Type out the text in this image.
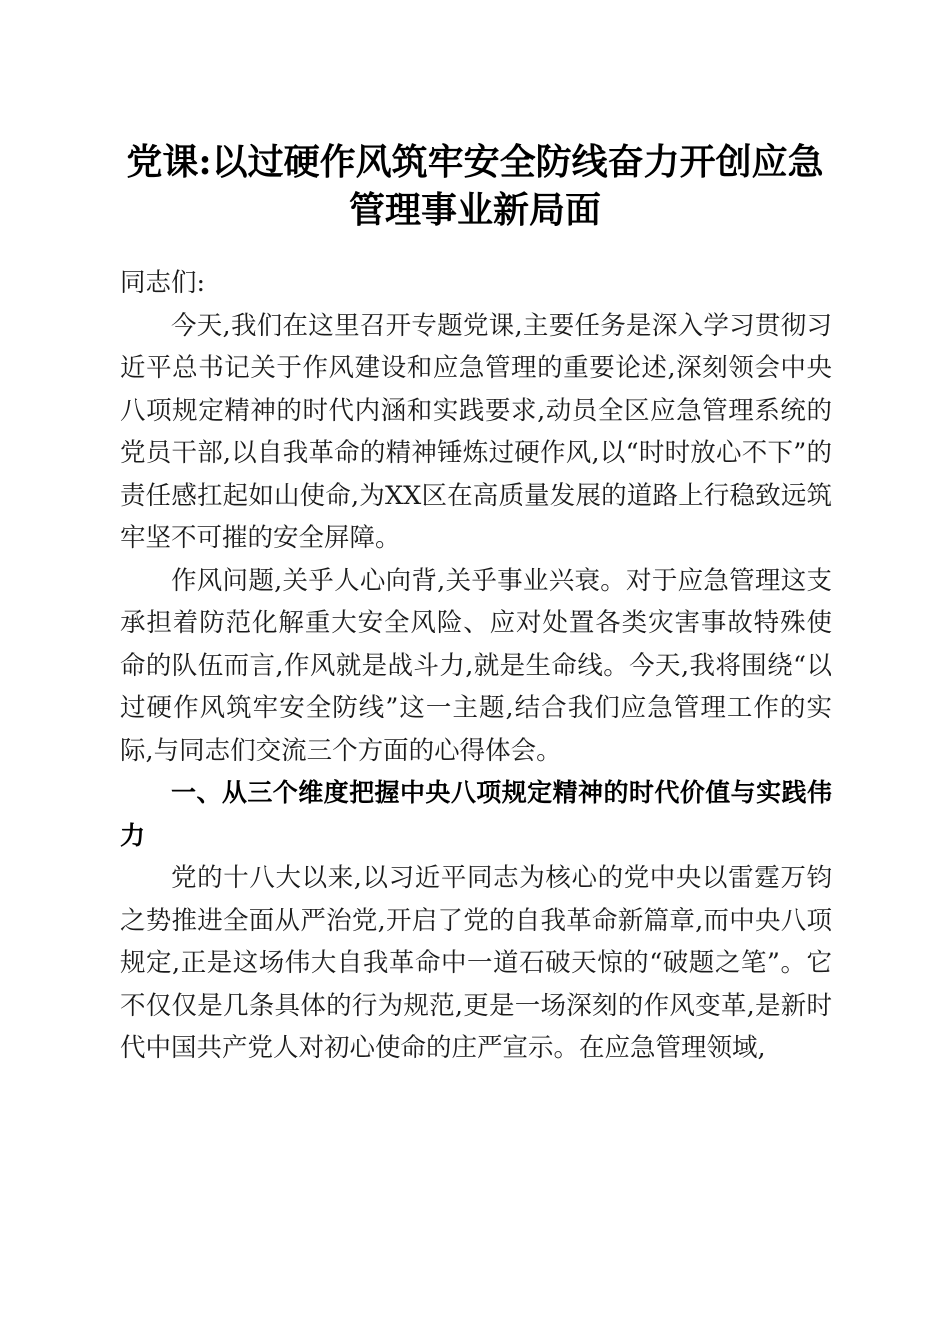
党课:以过硬作风筑牢安全防线奋力开创应急
管理事业新局面

同志们:

今天,我们在这里召开专题党课,主要任务是深入学习贯彻习近平总书记关于作风建设和应急管理的重要论述,深刻领会中央八项规定精神的时代内涵和实践要求,动员全区应急管理系统的党员干部,以自我革命的精神锤炼过硬作风,以“时时放心不下”的责任感扛起如山使命,为XX区在高质量发展的道路上行稳致远筑牢坚不可摧的安全屏障。

作风问题,关乎人心向背,关乎事业兴衰。对于应急管理这支承担着防范化解重大安全风险、应对处置各类灾害事故特殊使命的队伍而言,作风就是战斗力,就是生命线。今天,我将围绕“以过硬作风筑牢安全防线”这一主题,结合我们应急管理工作的实际,与同志们交流三个方面的心得体会。

一、从三个维度把握中央八项规定精神的时代价值与实践伟力

党的十八大以来,以习近平同志为核心的党中央以雷霆万钧之势推进全面从严治党,开启了党的自我革命新篇章,而中央八项规定,正是这场伟大自我革命中一道石破天惊的“破题之笔”。它不仅仅是几条具体的行为规范,更是一场深刻的作风变革,是新时代中国共产党人对初心使命的庄严宣示。在应急管理领域,
